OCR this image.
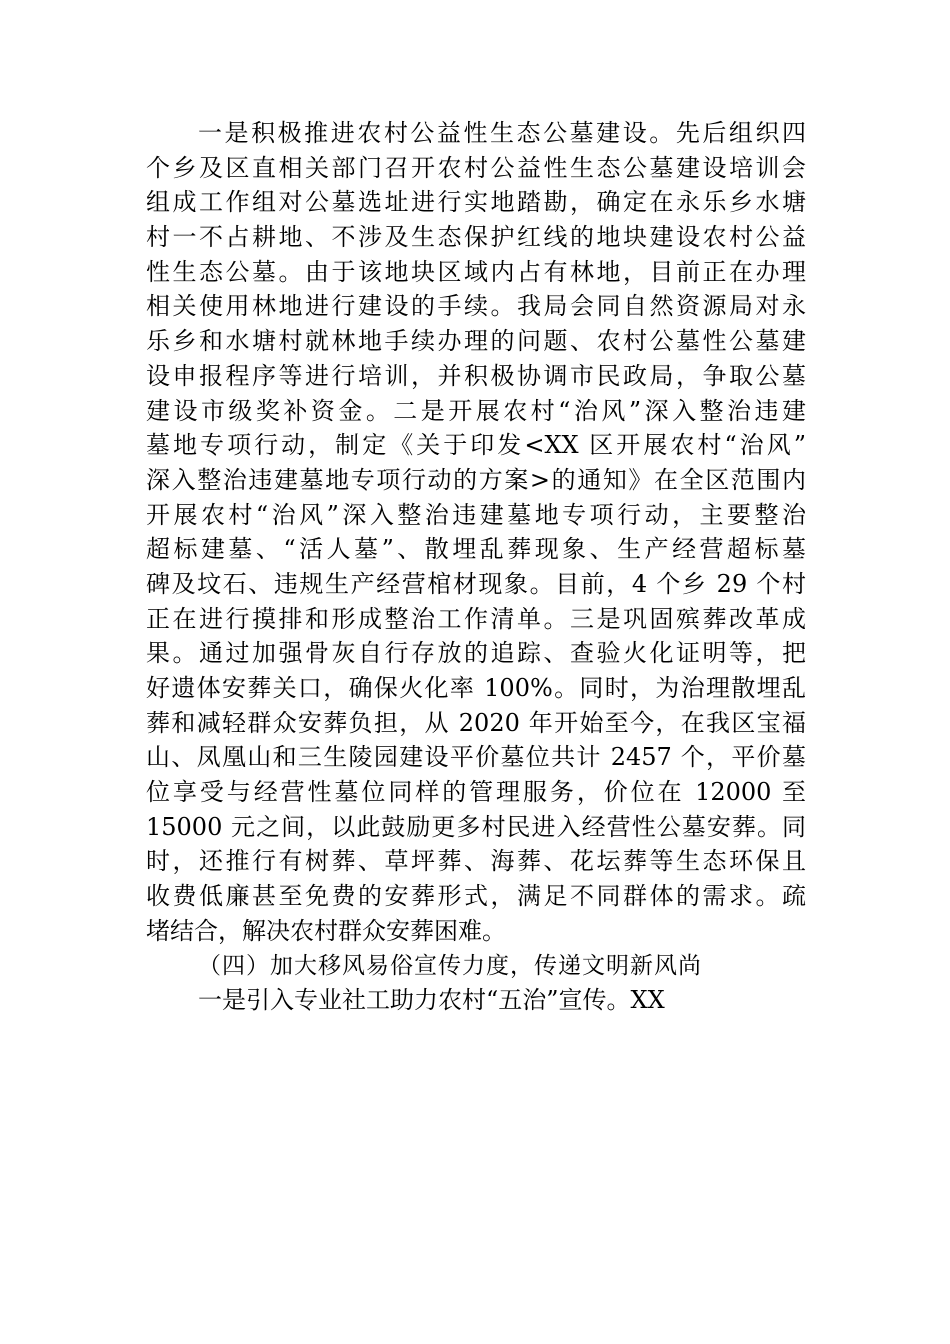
一是积极推进农村公益性生态公墓建设。先后组织四
个乡及区直相关部门召开农村公益性生态公墓建设培训会
组成工作组对公墓选址进行实地踏勘，确定在永乐乡水塘
村一不占耕地、不涉及生态保护红线的地块建设农村公益
性生态公墓。由于该地块区域内占有林地，目前正在办理
相关使用林地进行建设的手续。我局会同自然资源局对永
乐乡和水塘村就林地手续办理的问题、农村公墓性公墓建
设申报程序等进行培训，并积极协调市民政局，争取公墓
建设市级奖补资金。二是开展农村“治风”深入整治违建
墓地专项行动，制定《关于印发<XX 区开展农村“治风”
深入整治违建墓地专项行动的方案>的通知》在全区范围内
开展农村“治风”深入整治违建墓地专项行动，主要整治
超标建墓、“活人墓”、散埋乱葬现象、生产经营超标墓
碑及坟石、违规生产经营棺材现象。目前，4 个乡 29 个村
正在进行摸排和形成整治工作清单。三是巩固殡葬改革成
果。通过加强骨灰自行存放的追踪、查验火化证明等，把
好遗体安葬关口，确保火化率 100%。同时，为治理散埋乱
葬和减轻群众安葬负担，从 2020 年开始至今，在我区宝福
山、凤凰山和三生陵园建设平价墓位共计 2457 个，平价墓
位享受与经营性墓位同样的管理服务，价位在 12000 至
15000 元之间，以此鼓励更多村民进入经营性公墓安葬。同
时，还推行有树葬、草坪葬、海葬、花坛葬等生态环保且
收费低廉甚至免费的安葬形式，满足不同群体的需求。疏
堵结合，解决农村群众安葬困难。
（四）加大移风易俗宣传力度，传递文明新风尚
一是引入专业社工助力农村“五治”宣传。XX
